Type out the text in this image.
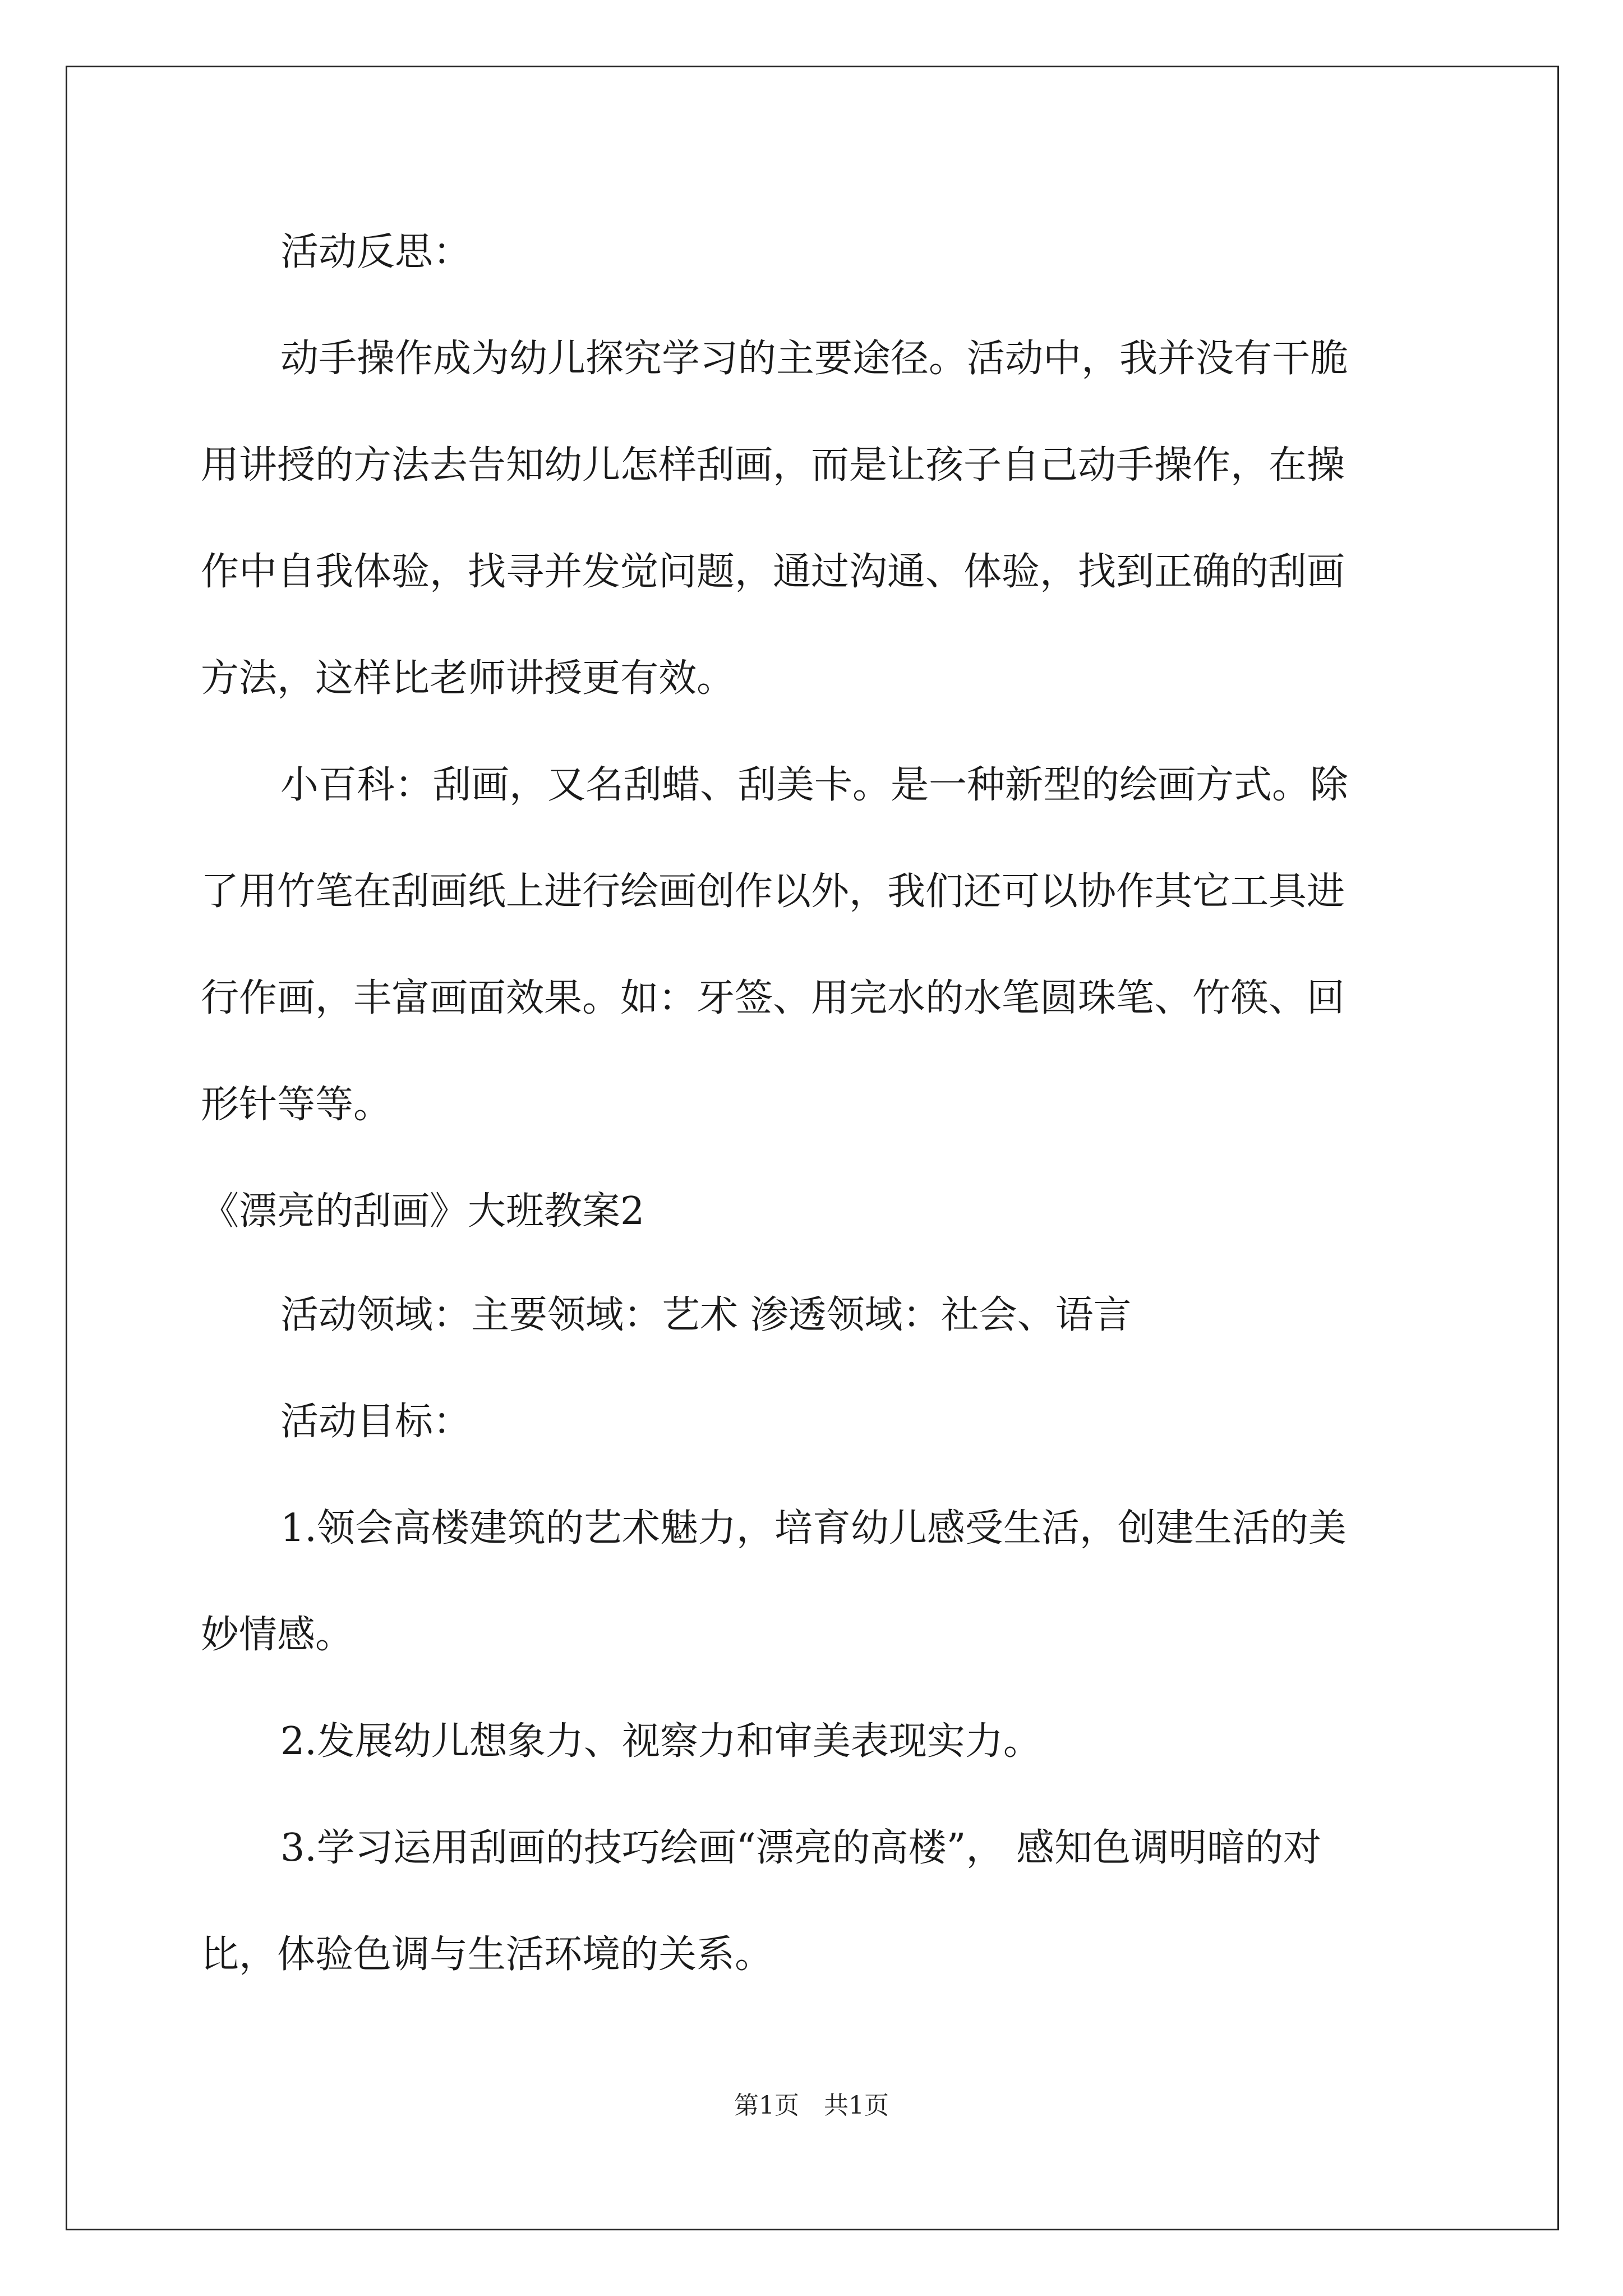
活动反思：
动手操作成为幼儿探究学习的主要途径。活动中，我并没有干脆
用讲授的方法去告知幼儿怎样刮画，而是让孩子自己动手操作，在操
作中自我体验，找寻并发觉问题，通过沟通、体验，找到正确的刮画
方法，这样比老师讲授更有效。
小百科：刮画，又名刮蜡、刮美卡。是一种新型的绘画方式。除
了用竹笔在刮画纸上进行绘画创作以外，我们还可以协作其它工具进
行作画，丰富画面效果。如：牙签、用完水的水笔圆珠笔、竹筷、回
形针等等。
《漂亮的刮画》大班教案2
活动领域：主要领域：艺术 渗透领域：社会、语言
活动目标：
1.领会高楼建筑的艺术魅力，培育幼儿感受生活，创建生活的美
妙情感。
2.发展幼儿想象力、视察力和审美表现实力。
3.学习运用刮画的技巧绘画“漂亮的高楼”， 感知色调明暗的对
比，体验色调与生活环境的关系。
第1页　共1页
